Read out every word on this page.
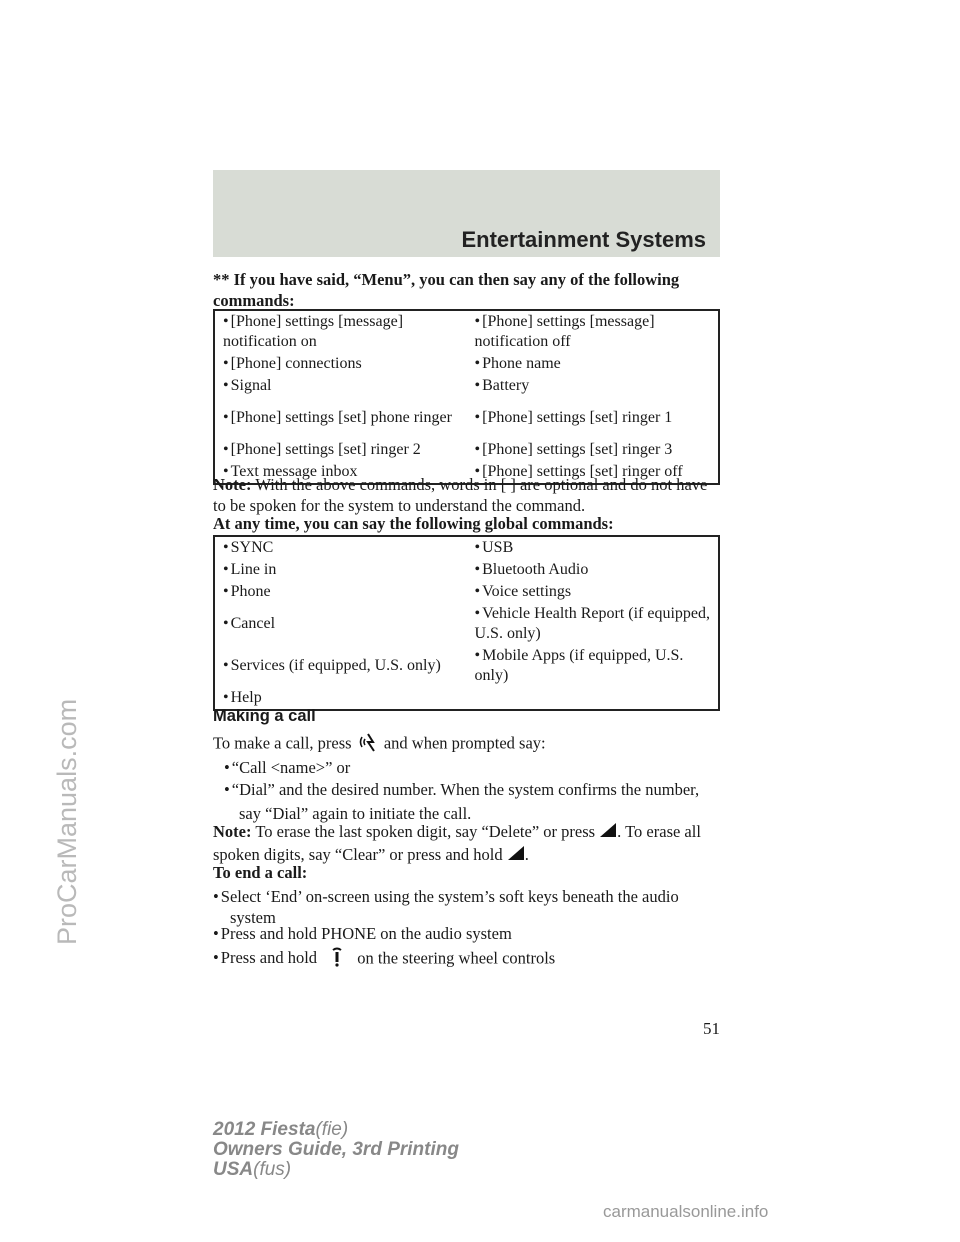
Entertainment Systems
ProCarManuals.com
** If you have said, “Menu”, you can then say any of the following commands:
• [Phone] settings [message] notification on	• [Phone] settings [message] notification off
• [Phone] connections	• Phone name
• Signal	• Battery
• [Phone] settings [set] phone ringer	• [Phone] settings [set] ringer 1
• [Phone] settings [set] ringer 2	• [Phone] settings [set] ringer 3
• Text message inbox	• [Phone] settings [set] ringer off
Note: With the above commands, words in [ ] are optional and do not have to be spoken for the system to understand the command.
At any time, you can say the following global commands:
• SYNC	• USB
• Line in	• Bluetooth Audio
• Phone	• Voice settings
• Cancel	• Vehicle Health Report (if equipped, U.S. only)
• Services (if equipped, U.S. only)	• Mobile Apps (if equipped, U.S. only)
• Help	
Making a call
To make a call, press and when prompted say:
• “Call <name>” or
• “Dial” and the desired number. When the system confirms the number, say “Dial” again to initiate the call.
Note: To erase the last spoken digit, say “Delete” or press . To erase all spoken digits, say “Clear” or press and hold .
To end a call:
• Select ‘End’ on-screen using the system’s soft keys beneath the audio system
• Press and hold PHONE on the audio system
• Press and hold on the steering wheel controls
51
2012 Fiesta(fie)
Owners Guide, 3rd Printing
USA(fus)
carmanualsonline.info
